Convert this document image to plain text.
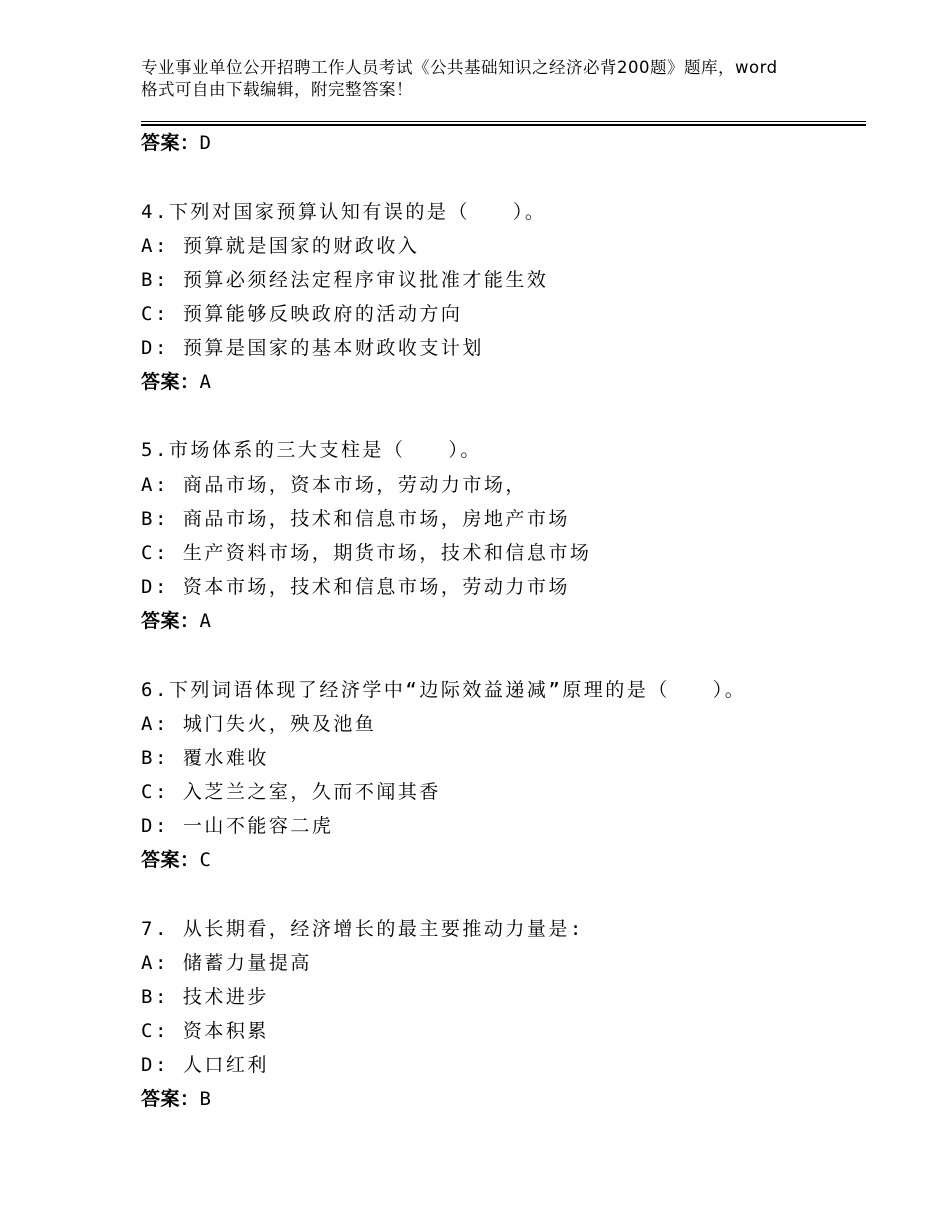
专业事业单位公开招聘工作人员考试《公共基础知识之经济必背200题》题库，word格式可自由下载编辑，附完整答案！
答案：D
4.下列对国家预算认知有误的是（　　）。
A: 预算就是国家的财政收入
B: 预算必须经法定程序审议批准才能生效
C: 预算能够反映政府的活动方向
D: 预算是国家的基本财政收支计划
答案：A
5.市场体系的三大支柱是（　　）。
A: 商品市场，资本市场，劳动力市场，
B: 商品市场，技术和信息市场，房地产市场
C: 生产资料市场，期货市场，技术和信息市场
D: 资本市场，技术和信息市场，劳动力市场
答案：A
6.下列词语体现了经济学中“边际效益递减”原理的是（　　）。
A: 城门失火，殃及池鱼
B: 覆水难收
C: 入芝兰之室，久而不闻其香
D: 一山不能容二虎
答案：C
7. 从长期看，经济增长的最主要推动力量是:
A: 储蓄力量提高
B: 技术进步
C: 资本积累
D: 人口红利
答案：B
